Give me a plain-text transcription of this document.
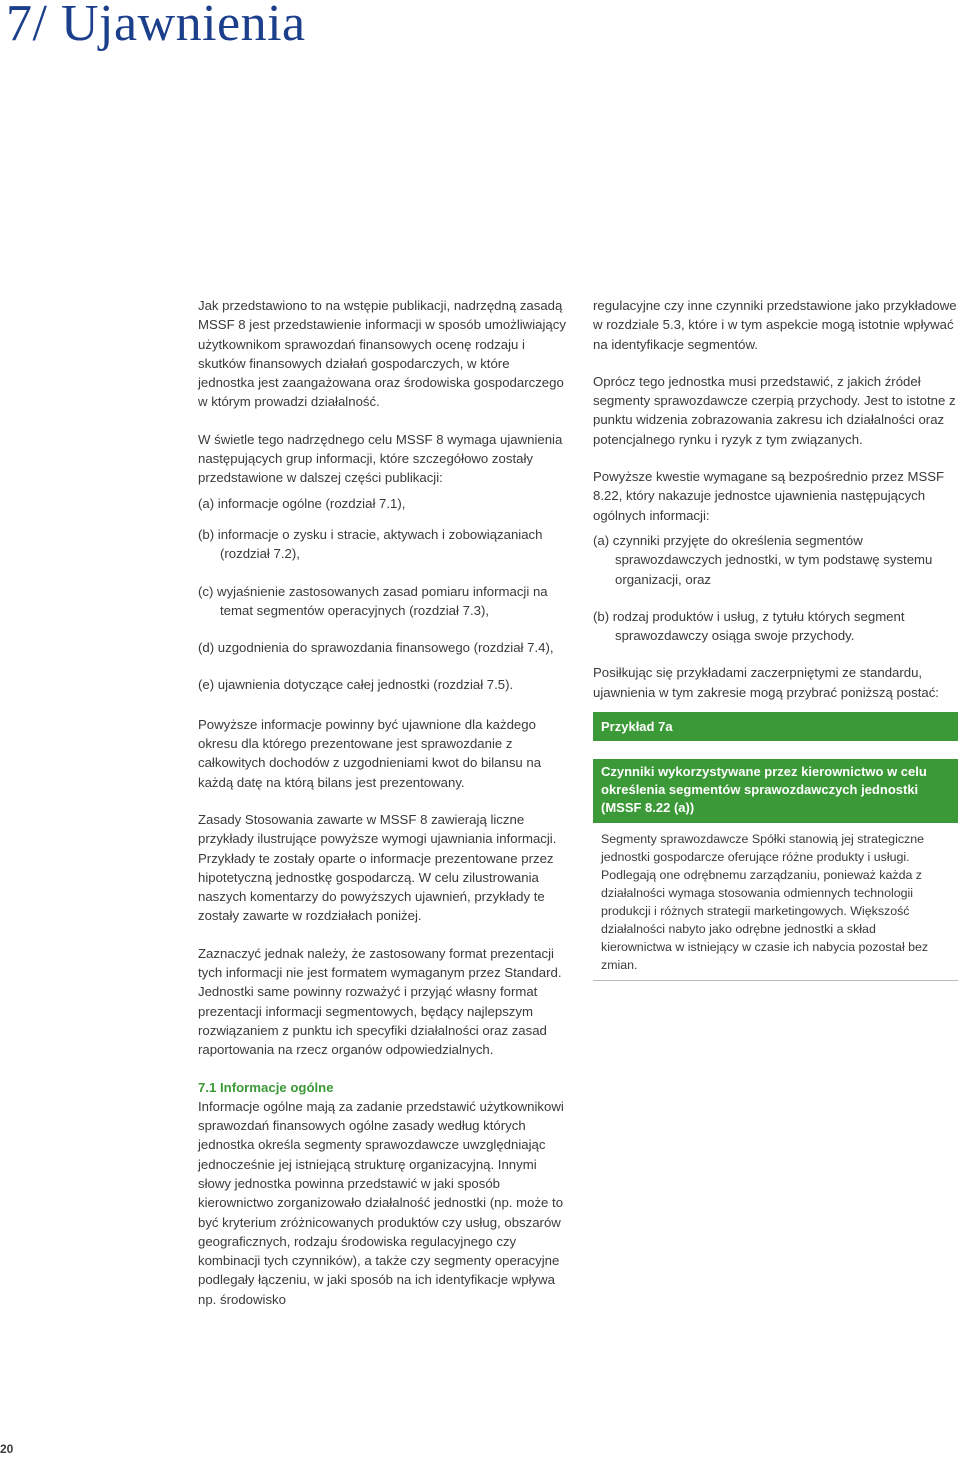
7/ Ujawnienia

Jak przedstawiono to na wstępie publikacji, nadrzędną zasadą MSSF 8 jest przedstawienie informacji w sposób umożliwiający użytkownikom sprawozdań finansowych ocenę rodzaju i skutków finansowych działań gospodarczych, w które jednostka jest zaangażowana oraz środowiska gospodarczego w którym prowadzi działalność.

W świetle tego nadrzędnego celu MSSF 8 wymaga ujawnienia następujących grup informacji, które szczegółowo zostały przedstawione w dalszej części publikacji:

(a) informacje ogólne (rozdział 7.1),

(b) informacje o zysku i stracie, aktywach i zobowiązaniach (rozdział 7.2),

(c) wyjaśnienie zastosowanych zasad pomiaru informacji na temat segmentów operacyjnych (rozdział 7.3),

(d) uzgodnienia do sprawozdania finansowego (rozdział 7.4),

(e) ujawnienia dotyczące całej jednostki (rozdział 7.5).

Powyższe informacje powinny być ujawnione dla każdego okresu dla którego prezentowane jest sprawozdanie z całkowitych dochodów z uzgodnieniami kwot do bilansu na każdą datę na którą bilans jest prezentowany.

Zasady Stosowania zawarte w MSSF 8 zawierają liczne przykłady ilustrujące powyższe wymogi ujawniania informacji. Przykłady te zostały oparte o informacje prezentowane przez hipotetyczną jednostkę gospodarczą. W celu zilustrowania naszych komentarzy do powyższych ujawnień, przykłady te zostały zawarte w rozdziałach poniżej.

Zaznaczyć jednak należy, że zastosowany format prezentacji tych informacji nie jest formatem wymaganym przez Standard. Jednostki same powinny rozważyć i przyjąć własny format prezentacji informacji segmentowych, będący najlepszym rozwiązaniem z punktu ich specyfiki działalności oraz zasad raportowania na rzecz organów odpowiedzialnych.

7.1 Informacje ogólne
Informacje ogólne mają za zadanie przedstawić użytkownikowi sprawozdań finansowych ogólne zasady według których jednostka określa segmenty sprawozdawcze uwzględniając jednocześnie jej istniejącą strukturę organizacyjną. Innymi słowy jednostka powinna przedstawić w jaki sposób kierownictwo zorganizowało działalność jednostki (np. może to być kryterium zróżnicowanych produktów czy usług, obszarów geograficznych, rodzaju środowiska regulacyjnego czy kombinacji tych czynników), a także czy segmenty operacyjne podlegały łączeniu, w jaki sposób na ich identyfikacje wpływa np. środowisko

regulacyjne czy inne czynniki przedstawione jako przykładowe w rozdziale 5.3, które i w tym aspekcie mogą istotnie wpływać na identyfikacje segmentów.

Oprócz tego jednostka musi przedstawić, z jakich źródeł segmenty sprawozdawcze czerpią przychody. Jest to istotne z punktu widzenia zobrazowania zakresu ich działalności oraz potencjalnego rynku i ryzyk z tym związanych.

Powyższe kwestie wymagane są bezpośrednio przez MSSF 8.22, który nakazuje jednostce ujawnienia następujących ogólnych informacji:

(a) czynniki przyjęte do określenia segmentów sprawozdawczych jednostki, w tym podstawę systemu organizacji, oraz

(b) rodzaj produktów i usług, z tytułu których segment sprawozdawczy osiąga swoje przychody.

Posiłkując się przykładami zaczerpniętymi ze standardu, ujawnienia w tym zakresie mogą przybrać poniższą postać:

Przykład 7a

Czynniki wykorzystywane przez kierownictwo w celu określenia segmentów sprawozdawczych jednostki (MSSF 8.22 (a))
Segmenty sprawozdawcze Spółki stanowią jej strategiczne jednostki gospodarcze oferujące różne produkty i usługi. Podlegają one odrębnemu zarządzaniu, ponieważ każda z działalności wymaga stosowania odmiennych technologii produkcji i różnych strategii marketingowych. Większość działalności nabyto jako odrębne jednostki a skład kierownictwa w istniejący w czasie ich nabycia pozostał bez zmian.

20
